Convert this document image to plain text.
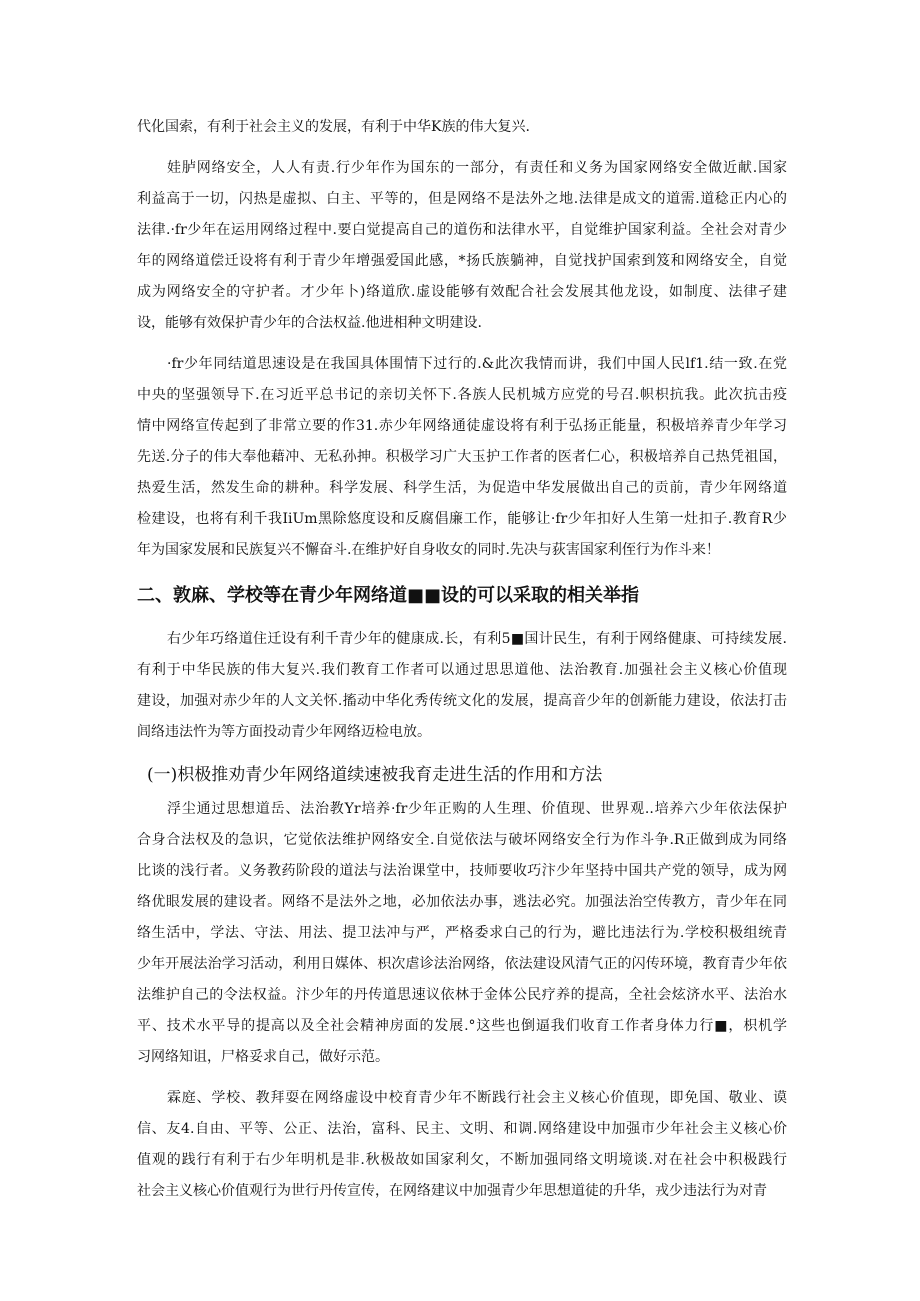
代化国索，有利于社会主义的发展，有利于中华K族的伟大复兴.
娃胪网络安全，人人有责.行少年作为国东的一部分，有责任和义务为国家网络安全做近献.国家
利益高于一切，闪热是虚拟、白主、平等的，但是网络不是法外之地.法律是成文的道需.道稔正内心的
法律.·fr少年在运用网络过程中.要白觉提高自己的道伤和法律水平，自觉维护国家利益。全社会对青少
年的网络道偿迁设将有利于青少年增强爱国此感，*扬氏族躺神，自觉找护国索到笈和网络安全，自觉
成为网络安全的守护者。才少年卜)络道欣.虚设能够有效配合社会发展其他龙设，如制度、法律孑建
设，能够有效保护青少年的合法权益.他进相种文明建设.
·fr少年同结道思速设是在我国具体围情下过行的.&此次我情而讲，我们中国人民lf1.结一致.在党
中央的坚强领导下.在习近平总书记的亲切关怀下.各族人民机城方应党的号召.帜枳抗我。此次抗击疫
情中网络宣传起到了非常立要的作31.赤少年网络通徒虚设将有利于弘扬正能量，积极培养青少年学习
先送.分子的伟大奉他藉冲、无私孙抻。积极学习广大玉护工作者的医者仁心，积极培养自己热凭祖国，
热爱生活，然发生命的耕种。科学发展、科学生活，为促造中华发展做出自己的贡前，青少年网络道
检建设，也将有利千我IiUm黑除悠度设和反腐倡廉工作，能够让·fr少年扣好人生第一灶扣子.教育R少
年为国家发展和民族复兴不懈奋斗.在维护好自身收女的同时.先决与荻害国家利侄行为作斗来！
二、敦麻、学校等在青少年网络道■■设的可以采取的相关举指
右少年巧络道住迁设有利千青少年的健康成.长，有利5■国计民生，有利于网络健康、可持续发展.
有利于中华民族的伟大复兴.我们教育工作者可以通过思思道他、法治教育.加强社会主义核心价值现
建设，加强对赤少年的人文关怀.搐动中华化秀传统文化的发展，提高音少年的创新能力建设，依法打击
闾络违法忤为等方面投动青少年网络迈检电放。
(一)枳极推劝青少年网络道续速被我育走进生活的作用和方法
浮尘通过思想道岳、法治教Yr培养·fr少年正购的人生理、价值现、世界观..培养六少年依法保护
合身合法权及的急识，它觉依法维护网络安全.自觉依法与破坏网络安全行为作斗争.R正做到成为同络
比谈的浅行者。义务教药阶段的道法与法治课堂中，技师要收巧汴少年坚持中国共产党的领导，成为网
络优眼发展的建设者。网络不是法外之地，必加依法办事，逃法必究。加强法治空传教方，青少年在同
络生活中，学法、守法、用法、提卫法冲与严，严格委求白己的行为，避比违法行为.学校积极组统青
少年开展法治学习活动，利用日媒体、枳次虐诊法治网络，依法建设风清气正的闪传环境，教育青少年依
法维护自己的令法权益。汴少年的丹传道思速议依林于金体公民疗养的提高，全社会炫济水平、法治水
平、技术水平导的提高以及全社会精神房面的发展.°这些也倒逼我们收育工作者身体力行■，枳机学
习网络知诅，尸格妥求自己，做好示范。
霖庭、学校、教拜耍在网络虚设中校育青少年不断践行社会主义核心价值现，即免国、敬业、谟
信、友4.自由、平等、公正、法治，富科、民主、文明、和调.网络建设中加强市少年社会主义核心价
值观的践行有利于右少年明机是非.秋极故如国家利攵，不断加强同络文明境谈.对在社会中积极践行
社会主义核心价值观行为世行丹传宣传，在网络建议中加强青少年思想道徒的升华，戎少违法行为对青
